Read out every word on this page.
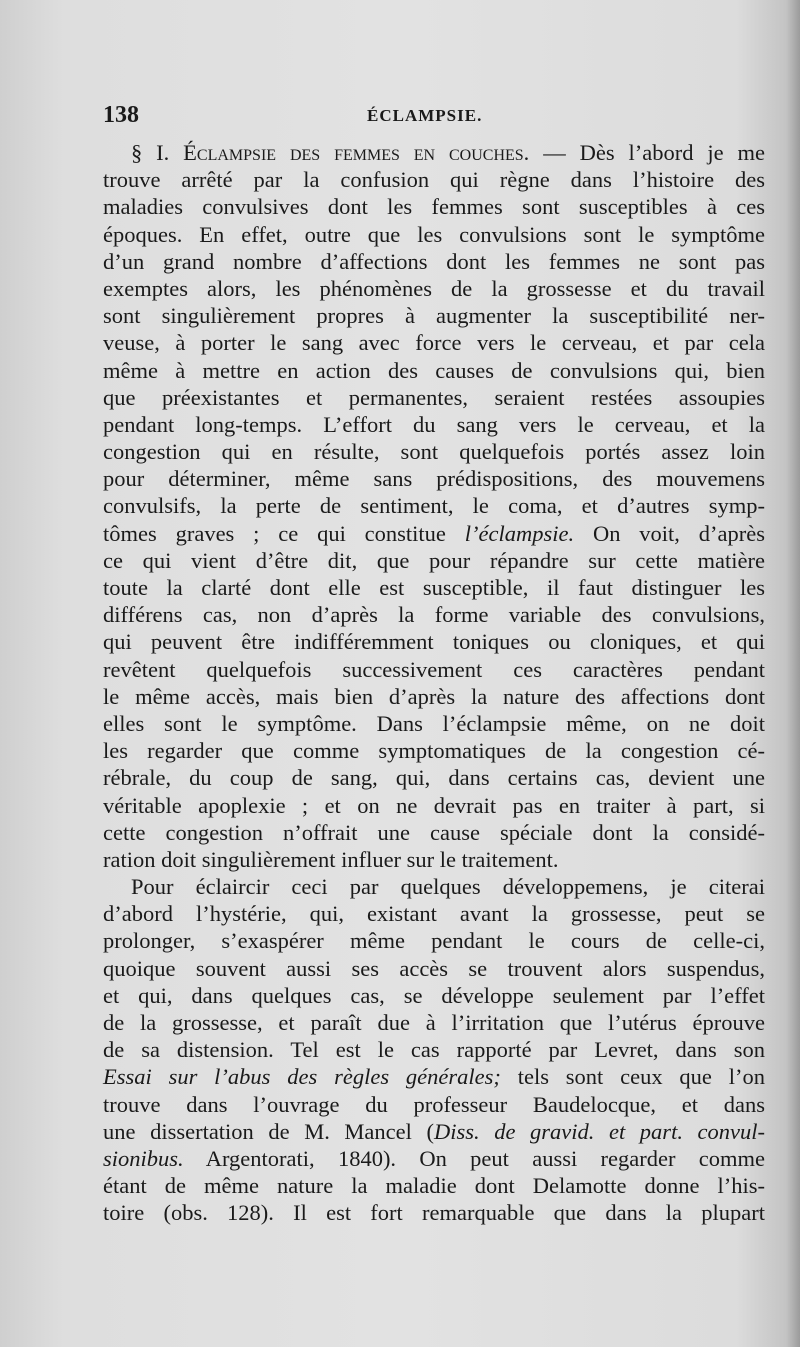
138	ÉCLAMPSIE.
§ I. Éclampsie des femmes en couches. — Dès l’abord je me
trouve arrêté par la confusion qui règne dans l’histoire des
maladies convulsives dont les femmes sont susceptibles à ces
époques. En effet, outre que les convulsions sont le symptôme
d’un grand nombre d’affections dont les femmes ne sont pas
exemptes alors, les phénomènes de la grossesse et du travail
sont singulièrement propres à augmenter la susceptibilité ner-
veuse, à porter le sang avec force vers le cerveau, et par cela
même à mettre en action des causes de convulsions qui, bien
que préexistantes et permanentes, seraient restées assoupies
pendant long-temps. L’effort du sang vers le cerveau, et la
congestion qui en résulte, sont quelquefois portés assez loin
pour déterminer, même sans prédispositions, des mouvemens
convulsifs, la perte de sentiment, le coma, et d’autres symp-
tômes graves ; ce qui constitue l’éclampsie. On voit, d’après
ce qui vient d’être dit, que pour répandre sur cette matière
toute la clarté dont elle est susceptible, il faut distinguer les
différens cas, non d’après la forme variable des convulsions,
qui peuvent être indifféremment toniques ou cloniques, et qui
revêtent quelquefois successivement ces caractères pendant
le même accès, mais bien d’après la nature des affections dont
elles sont le symptôme. Dans l’éclampsie même, on ne doit
les regarder que comme symptomatiques de la congestion cé-
rébrale, du coup de sang, qui, dans certains cas, devient une
véritable apoplexie ; et on ne devrait pas en traiter à part, si
cette congestion n’offrait une cause spéciale dont la considé-
ration doit singulièrement influer sur le traitement.
Pour éclaircir ceci par quelques développemens, je citerai
d’abord l’hystérie, qui, existant avant la grossesse, peut se
prolonger, s’exaspérer même pendant le cours de celle-ci,
quoique souvent aussi ses accès se trouvent alors suspendus,
et qui, dans quelques cas, se développe seulement par l’effet
de la grossesse, et paraît due à l’irritation que l’utérus éprouve
de sa distension. Tel est le cas rapporté par Levret, dans son
Essai sur l’abus des règles générales; tels sont ceux que l’on
trouve dans l’ouvrage du professeur Baudelocque, et dans
une dissertation de M. Mancel (Diss. de gravid. et part. convul-
sionibus. Argentorati, 1840). On peut aussi regarder comme
étant de même nature la maladie dont Delamotte donne l’his-
toire (obs. 128). Il est fort remarquable que dans la plupart
